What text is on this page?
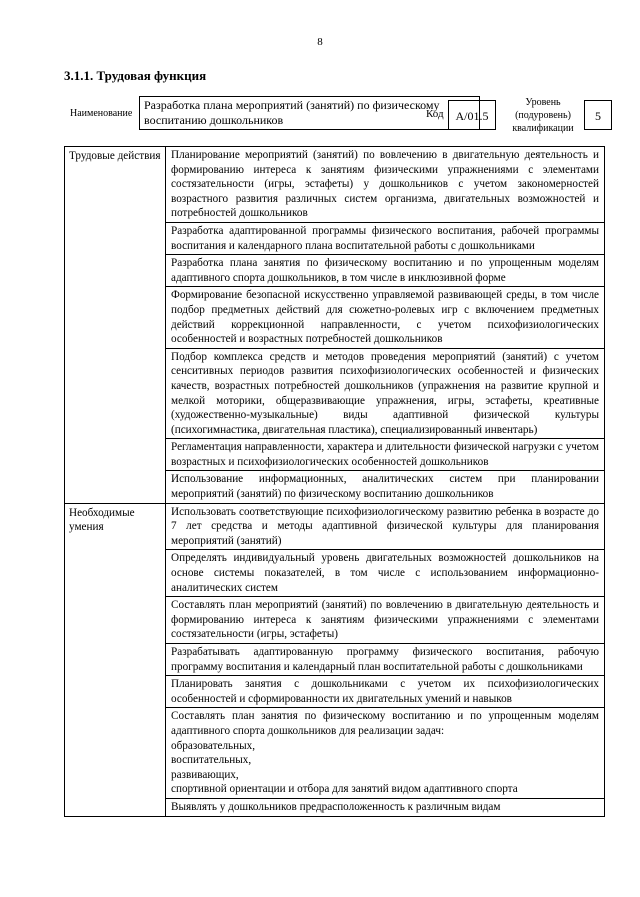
8
3.1.1. Трудовая функция
Наименование
Разработка плана мероприятий (занятий) по физическому воспитанию дошкольников	Код А/01.5
Уровень (подуровень) квалификации
5
Трудовые действия	Планирование мероприятий (занятий) по вовлечению в двигательную деятельность и формированию интереса к занятиям физическими упражнениями с элементами состязательности (игры, эстафеты) у дошкольников с учетом закономерностей возрастного развития различных систем организма, двигательных возможностей и потребностей дошкольников
	Разработка адаптированной программы физического воспитания, рабочей программы воспитания и календарного плана воспитательной работы с дошкольниками
	Разработка плана занятия по физическому воспитанию и по упрощенным моделям адаптивного спорта дошкольников, в том числе в инклюзивной форме
	Формирование безопасной искусственно управляемой развивающей среды, в том числе подбор предметных действий для сюжетно-ролевых игр с включением предметных действий коррекционной направленности, с учетом психофизиологических особенностей и возрастных потребностей дошкольников
	Подбор комплекса средств и методов проведения мероприятий (занятий) с учетом сенситивных периодов развития психофизиологических особенностей и физических качеств, возрастных потребностей дошкольников (упражнения на развитие крупной и мелкой моторики, общеразвивающие упражнения, игры, эстафеты, креативные (художественно-музыкальные) виды адаптивной физической культуры (психогимнастика, двигательная пластика), специализированный инвентарь)
	Регламентация направленности, характера и длительности физической нагрузки с учетом возрастных и психофизиологических особенностей дошкольников
	Использование информационных, аналитических систем при планировании мероприятий (занятий) по физическому воспитанию дошкольников
Необходимые умения	Использовать соответствующие психофизиологическому развитию ребенка в возрасте до 7 лет средства и методы адаптивной физической культуры для планирования мероприятий (занятий)
	Определять индивидуальный уровень двигательных возможностей дошкольников на основе системы показателей, в том числе с использованием информационно-аналитических систем
	Составлять план мероприятий (занятий) по вовлечению в двигательную деятельность и формированию интереса к занятиям физическими упражнениями с элементами состязательности (игры, эстафеты)
	Разрабатывать адаптированную программу физического воспитания, рабочую программу воспитания и календарный план воспитательной работы с дошкольниками
	Планировать занятия с дошкольниками с учетом их психофизиологических особенностей и сформированности их двигательных умений и навыков

	Составлять план занятия по физическому воспитанию и по упрощенным моделям адаптивного спорта дошкольников для реализации задач:
образовательных,
воспитательных,
развивающих,
спортивной ориентации и отбора для занятий видом адаптивного спорта

	Выявлять у дошкольников предрасположенность к различным видам
